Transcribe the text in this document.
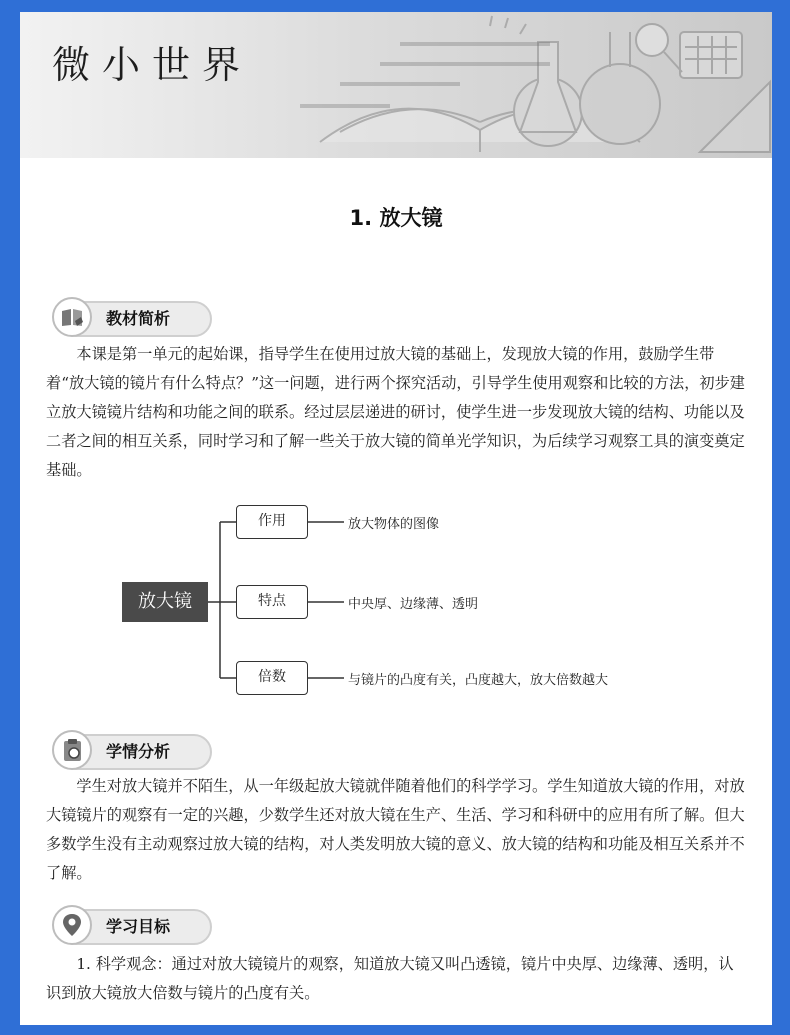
微小世界
1. 放大镜
教材简析

本课是第一单元的起始课，指导学生在使用过放大镜的基础上，发现放大镜的作用，鼓励学生带着“放大镜的镜片有什么特点？”这一问题，进行两个探究活动，引导学生使用观察和比较的方法，初步建立放大镜镜片结构和功能之间的联系。经过层层递进的研讨，使学生进一步发现放大镜的结构、功能以及二者之间的相互关系，同时学习和了解一些关于放大镜的简单光学知识，为后续学习观察工具的演变奠定基础。

放大镜
作用
特点
倍数
放大物体的图像
中央厚、边缘薄、透明
与镜片的凸度有关，凸度越大，放大倍数越大
学情分析

学生对放大镜并不陌生，从一年级起放大镜就伴随着他们的科学学习。学生知道放大镜的作用，对放大镜镜片的观察有一定的兴趣，少数学生还对放大镜在生产、生活、学习和科研中的应用有所了解。但大多数学生没有主动观察过放大镜的结构，对人类发明放大镜的意义、放大镜的结构和功能及相互关系并不了解。

学习目标

1. 科学观念：通过对放大镜镜片的观察，知道放大镜又叫凸透镜，镜片中央厚、边缘薄、透明，认识到放大镜放大倍数与镜片的凸度有关。
